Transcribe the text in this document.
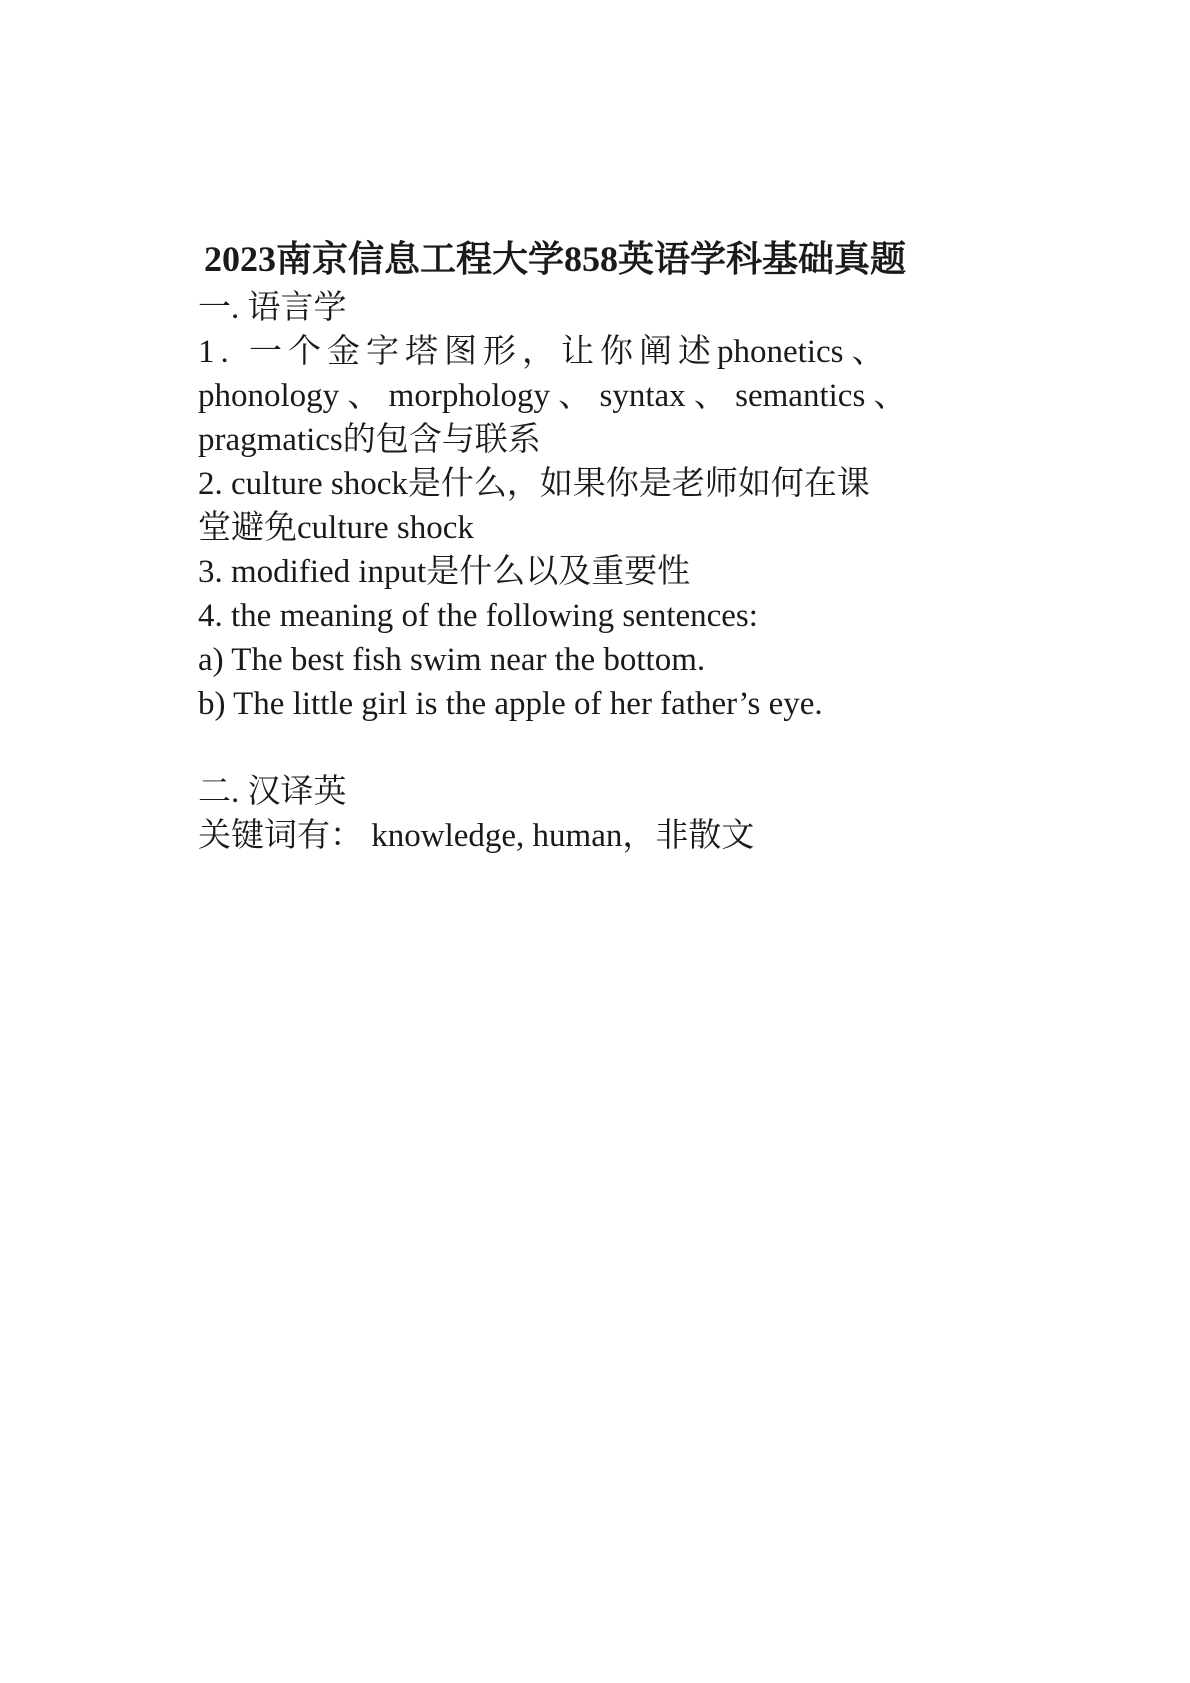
2023南京信息工程大学858英语学科基础真题
一. 语言学
1. 一个金字塔图形，让你阐述phonetics 、
phonology 、 morphology 、 syntax 、 semantics 、
pragmatics的包含与联系
2. culture shock是什么，如果你是老师如何在课
堂避免culture shock
3. modified input是什么以及重要性
4. the meaning of the following sentences:
a) The best fish swim near the bottom.
b) The little girl is the apple of her father’s eye.
二. 汉译英
关键词有： knowledge, human，非散文
